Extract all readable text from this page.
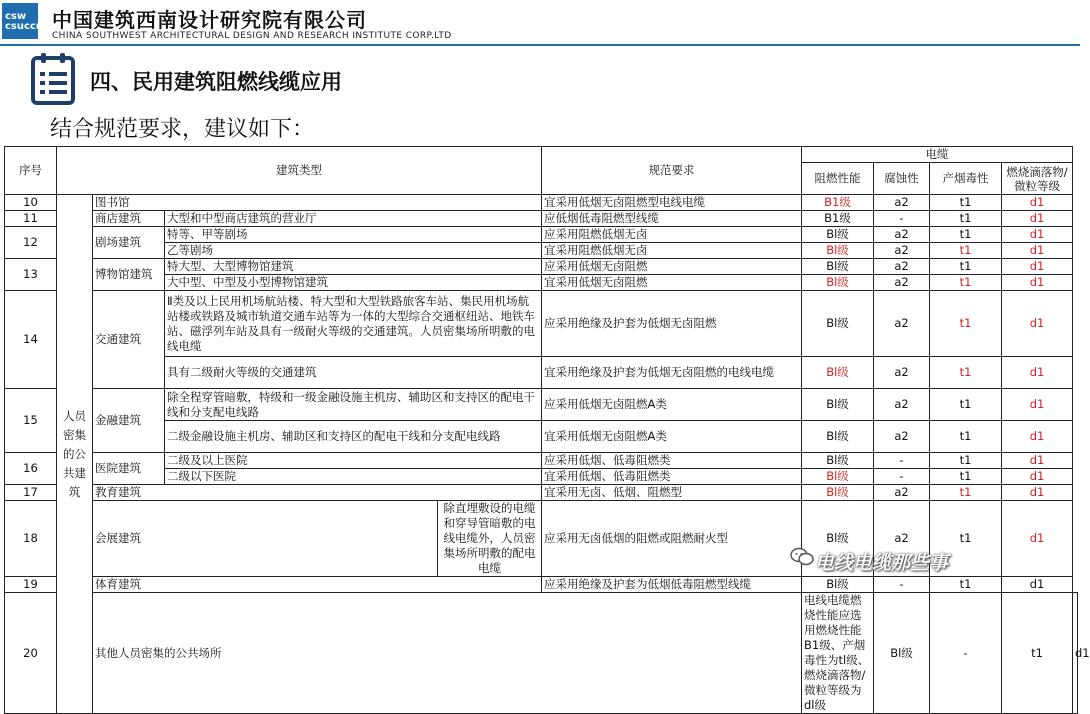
csw
csuccn 中国建筑西南设计研究院有限公司
CHINA SOUTHWEST ARCHITECTURAL DESIGN AND RESEARCH INSTITUTE CORP.LTD
四、民用建筑阻燃线缆应用
结合规范要求，建议如下：
序号	建筑类型				规范要求	电缆				
						阻燃性能	腐蚀性	产烟毒性	燃烧滴落物/微粒等级	
10	人员密集的公共建筑	图书馆			宜采用低烟无卤阻燃型电线电缆	B1级	a2	t1	d1	
11		商店建筑	大型和中型商店建筑的营业厅		应低烟低毒阻燃型线缆	B1级	-	t1	d1	
12		剧场建筑	特等、甲等剧场		应采用阻燃低烟无卤	Bl级	a2	t1	d1	
			乙等剧场		宜采用阻燃低烟无卤	Bl级	a2	t1	d1	
13		博物馆建筑	特大型、大型博物馆建筑		应采用低烟无卤阻燃	Bl级	a2	t1	d1	
			大中型、中型及小型博物馆建筑		宜采用低烟无卤阻燃	Bl级	a2	t1	d1	
14		交通建筑	Ⅱ类及以上民用机场航站楼、特大型和大型铁路旅客车站、集民用机场航站楼或铁路及城市轨道交通车站等为一体的大型综合交通枢纽站、地铁车站、磁浮列车站及具有一级耐火等级的交通建筑。人员密集场所明敷的电线电缆		应采用绝缘及护套为低烟无卤阻燃	Bl级	a2	t1	d1	
			具有二级耐火等级的交通建筑		宜采用绝缘及护套为低烟无卤阻燃的电线电缆	Bl级	a2	t1	d1	
15		金融建筑	除全程穿管暗敷，特级和一级金融设施主机房、辅助区和支持区的配电干线和分支配电线路		应采用低烟无卤阻燃A类	Bl级	a2	t1	d1	
			二级金融设施主机房、辅助区和支持区的配电干线和分支配电线路		宜采用低烟无卤阻燃A类	Bl级	a2	t1	d1	
16		医院建筑	二级及以上医院		应采用低烟、低毒阻燃类	Bl级	-	t1	d1	
			二级以下医院		宜采用低烟、低毒阻燃类	Bl级	-	t1	d1	
17		教育建筑			宜采用无卤、低烟、阻燃型	Bl级	a2	t1	d1	
18		会展建筑		除直埋敷设的电缆和穿导管暗敷的电线电缆外，人员密集场所明敷的配电电缆	应采用无卤低烟的阻燃或阻燃耐火型	Bl级	a2	t1	d1	
19		体育建筑			应采用绝缘及护套为低烟低毒阻燃型线缆	Bl级	-	t1	d1	
20		其他人员密集的公共场所				电线电缆燃烧性能应选用燃烧性能B1级、产烟毒性为tl级、燃烧滴落物/微粒等级为dl级	Bl级	-	t1	d1
电线电缆那些事
